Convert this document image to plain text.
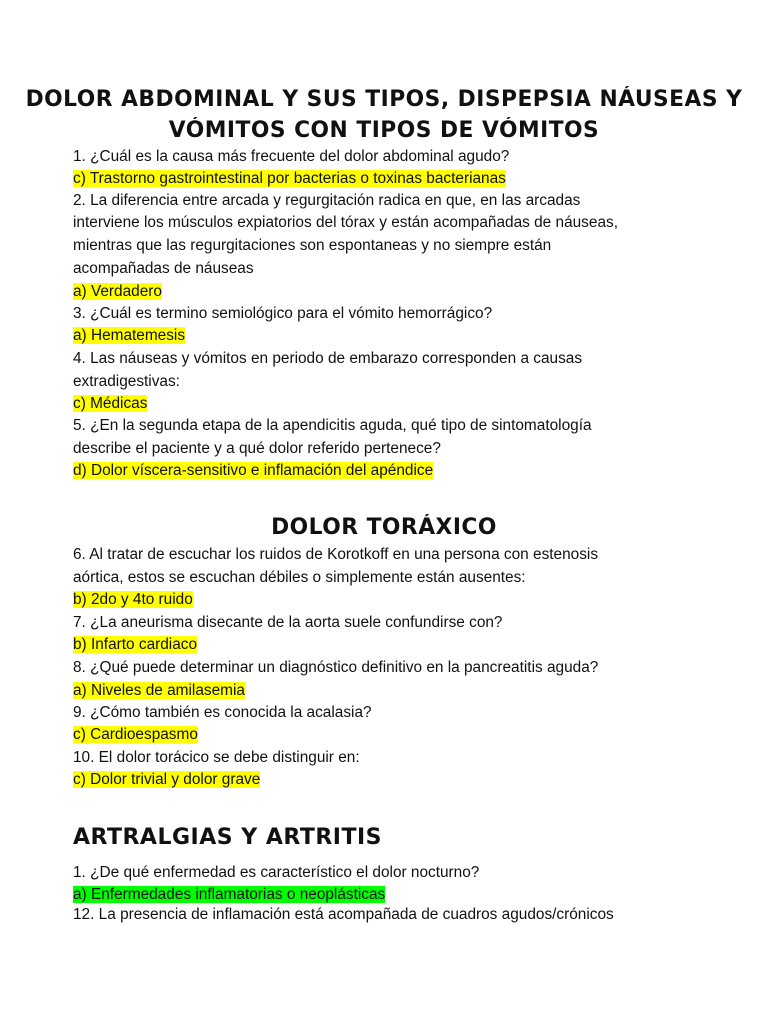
DOLOR ABDOMINAL Y SUS TIPOS, DISPEPSIA NÁUSEAS Y
VÓMITOS CON TIPOS DE VÓMITOS
1. ¿Cuál es la causa más frecuente del dolor abdominal agudo?
c) Trastorno gastrointestinal por bacterias o toxinas bacterianas
2. La diferencia entre arcada y regurgitación radica en que, en las arcadas
interviene los músculos expiatorios del tórax y están acompañadas de náuseas,
mientras que las regurgitaciones son espontaneas y no siempre están
acompañadas de náuseas
a) Verdadero
3. ¿Cuál es termino semiológico para el vómito hemorrágico?
a) Hematemesis
4. Las náuseas y vómitos en periodo de embarazo corresponden a causas
extradigestivas:
c) Médicas
5. ¿En la segunda etapa de la apendicitis aguda, qué tipo de sintomatología
describe el paciente y a qué dolor referido pertenece?
d) Dolor víscera-sensitivo e inflamación del apéndice
DOLOR TORÁXICO
6. Al tratar de escuchar los ruidos de Korotkoff en una persona con estenosis
aórtica, estos se escuchan débiles o simplemente están ausentes:
b) 2do y 4to ruido
7. ¿La aneurisma disecante de la aorta suele confundirse con?
b) Infarto cardiaco
8. ¿Qué puede determinar un diagnóstico definitivo en la pancreatitis aguda?
a) Niveles de amilasemia
9. ¿Cómo también es conocida la acalasia?
c) Cardioespasmo
10. El dolor torácico se debe distinguir en:
c) Dolor trivial y dolor grave
ARTRALGIAS Y ARTRITIS
1. ¿De qué enfermedad es característico el dolor nocturno?
a) Enfermedades inflamatorias o neoplásticas
12. La presencia de inflamación está acompañada de cuadros agudos/crónicos
